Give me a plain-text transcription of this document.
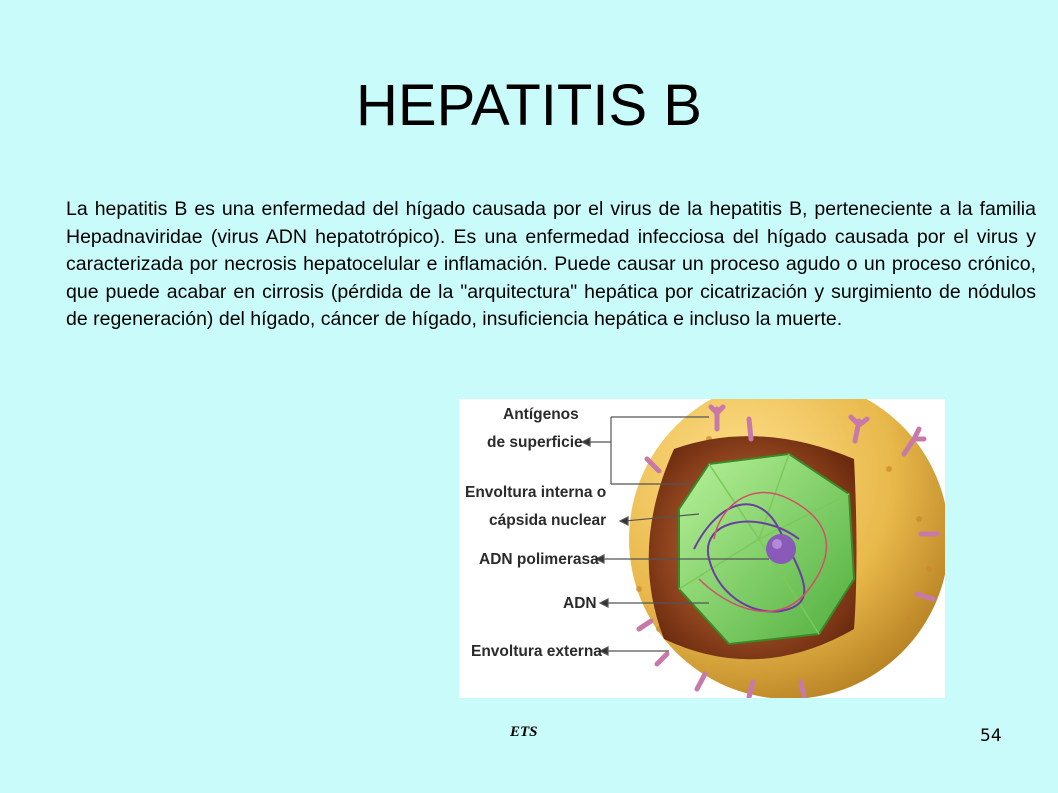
HEPATITIS B
La hepatitis B es una enfermedad del hígado causada por el virus de la hepatitis B, perteneciente a la familia Hepadnaviridae (virus ADN hepatotrópico). Es una enfermedad infecciosa del hígado causada por el virus y caracterizada por necrosis hepatocelular e inflamación. Puede causar un proceso agudo o un proceso crónico, que puede acabar en cirrosis (pérdida de la "arquitectura" hepática por cicatrización y surgimiento de nódulos de regeneración) del hígado, cáncer de hígado, insuficiencia hepática e incluso la muerte.
Antígenos
de superficie
Envoltura interna o
cápsida nuclear
ADN polimerasa
ADN
Envoltura externa
ETS	54
